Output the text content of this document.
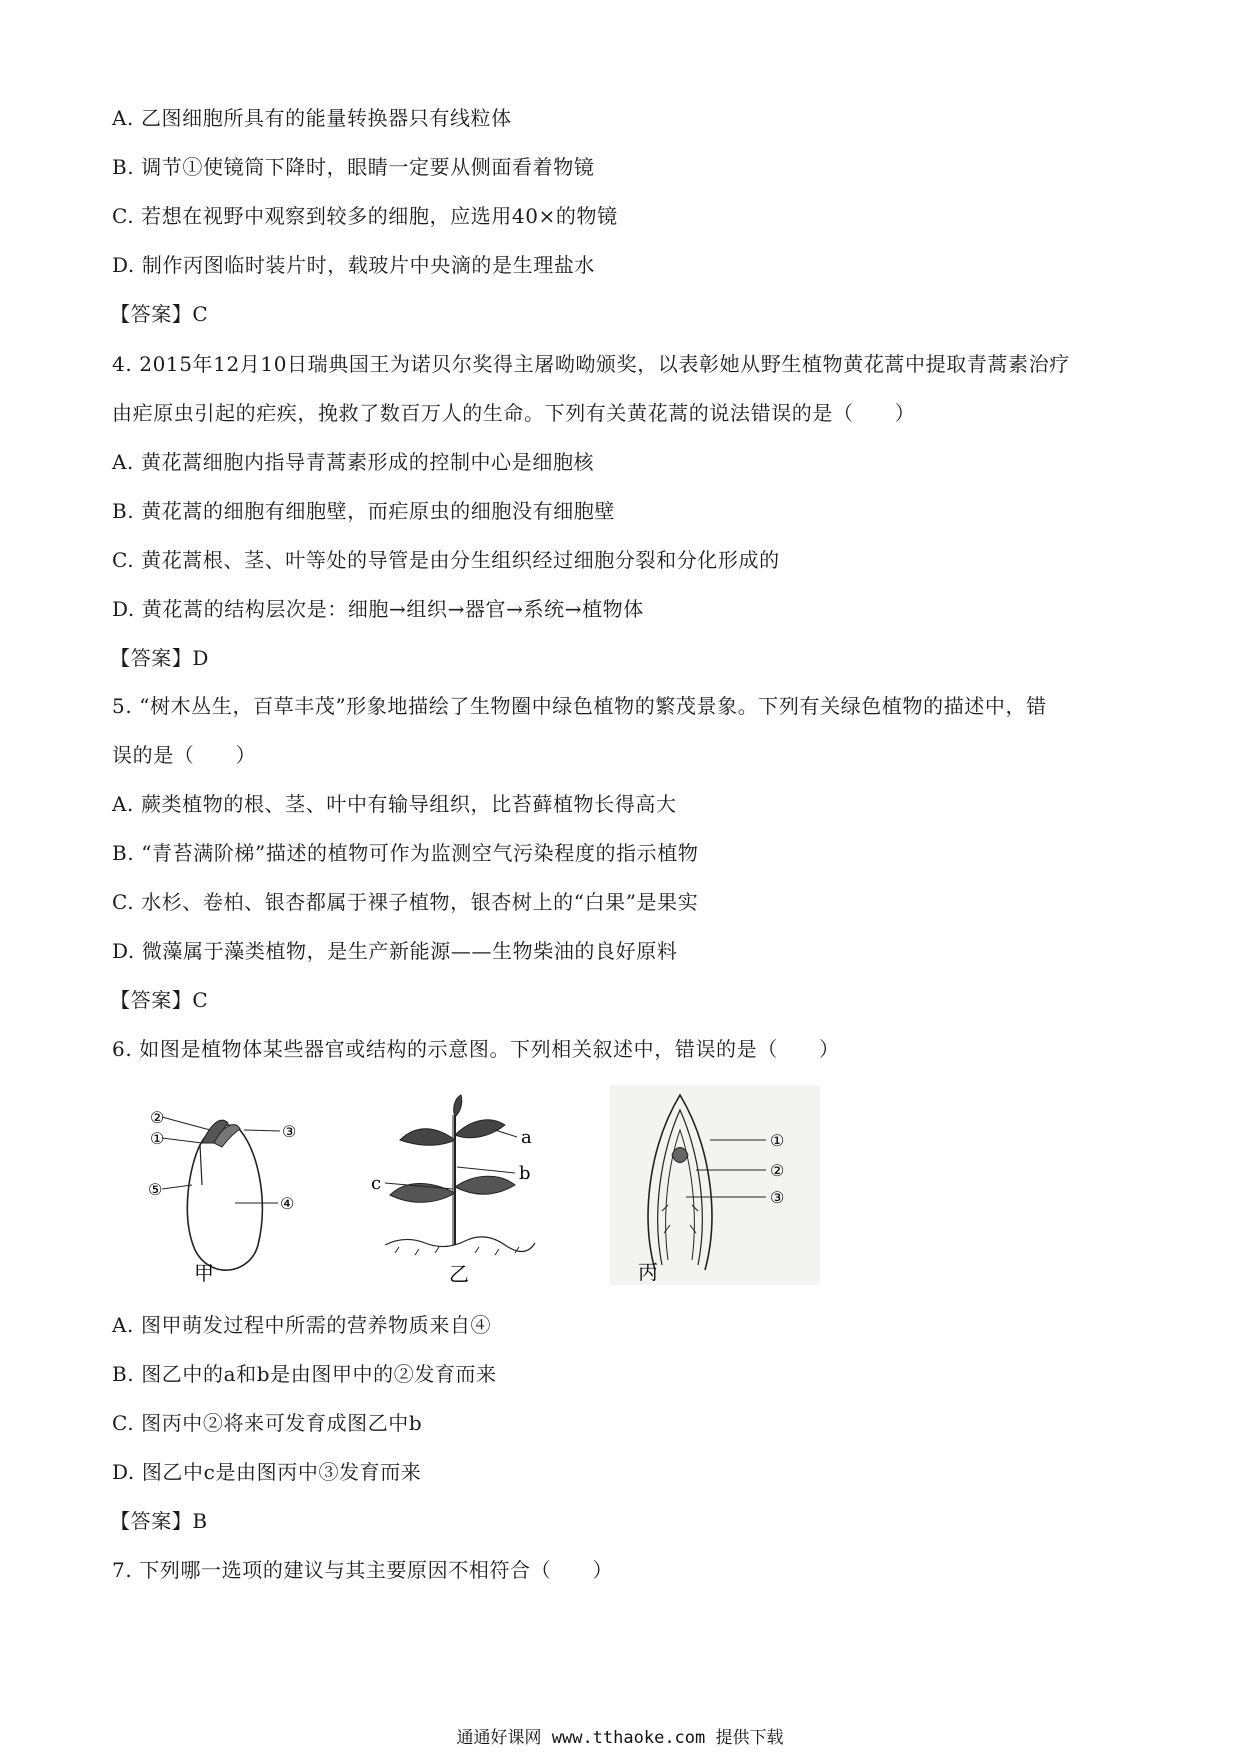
A. 乙图细胞所具有的能量转换器只有线粒体
B. 调节①使镜筒下降时，眼睛一定要从侧面看着物镜
C. 若想在视野中观察到较多的细胞，应选用40×的物镜
D. 制作丙图临时装片时，载玻片中央滴的是生理盐水
【答案】C
4. 2015年12月10日瑞典国王为诺贝尔奖得主屠呦呦颁奖，以表彰她从野生植物黄花蒿中提取青蒿素治疗
由疟原虫引起的疟疾，挽救了数百万人的生命。下列有关黄花蒿的说法错误的是（　　）
A. 黄花蒿细胞内指导青蒿素形成的控制中心是细胞核
B. 黄花蒿的细胞有细胞壁，而疟原虫的细胞没有细胞壁
C. 黄花蒿根、茎、叶等处的导管是由分生组织经过细胞分裂和分化形成的
D. 黄花蒿的结构层次是：细胞→组织→器官→系统→植物体
【答案】D
5. “树木丛生，百草丰茂”形象地描绘了生物圈中绿色植物的繁茂景象。下列有关绿色植物的描述中，错
误的是（　　）
A. 蕨类植物的根、茎、叶中有输导组织，比苔藓植物长得高大
B. “青苔满阶梯”描述的植物可作为监测空气污染程度的指示植物
C. 水杉、卷柏、银杏都属于裸子植物，银杏树上的“白果”是果实
D. 微藻属于藻类植物，是生产新能源——生物柴油的良好原料
【答案】C
6. 如图是植物体某些器官或结构的示意图。下列相关叙述中，错误的是（　　）
②
①	③
⑤
④
甲
a
b
c
乙
①
②
③
丙
A. 图甲萌发过程中所需的营养物质来自④
B. 图乙中的a和b是由图甲中的②发育而来
C. 图丙中②将来可发育成图乙中b
D. 图乙中c是由图丙中③发育而来
【答案】B
7. 下列哪一选项的建议与其主要原因不相符合（　　）
通通好课网 www.tthaoke.com 提供下载
